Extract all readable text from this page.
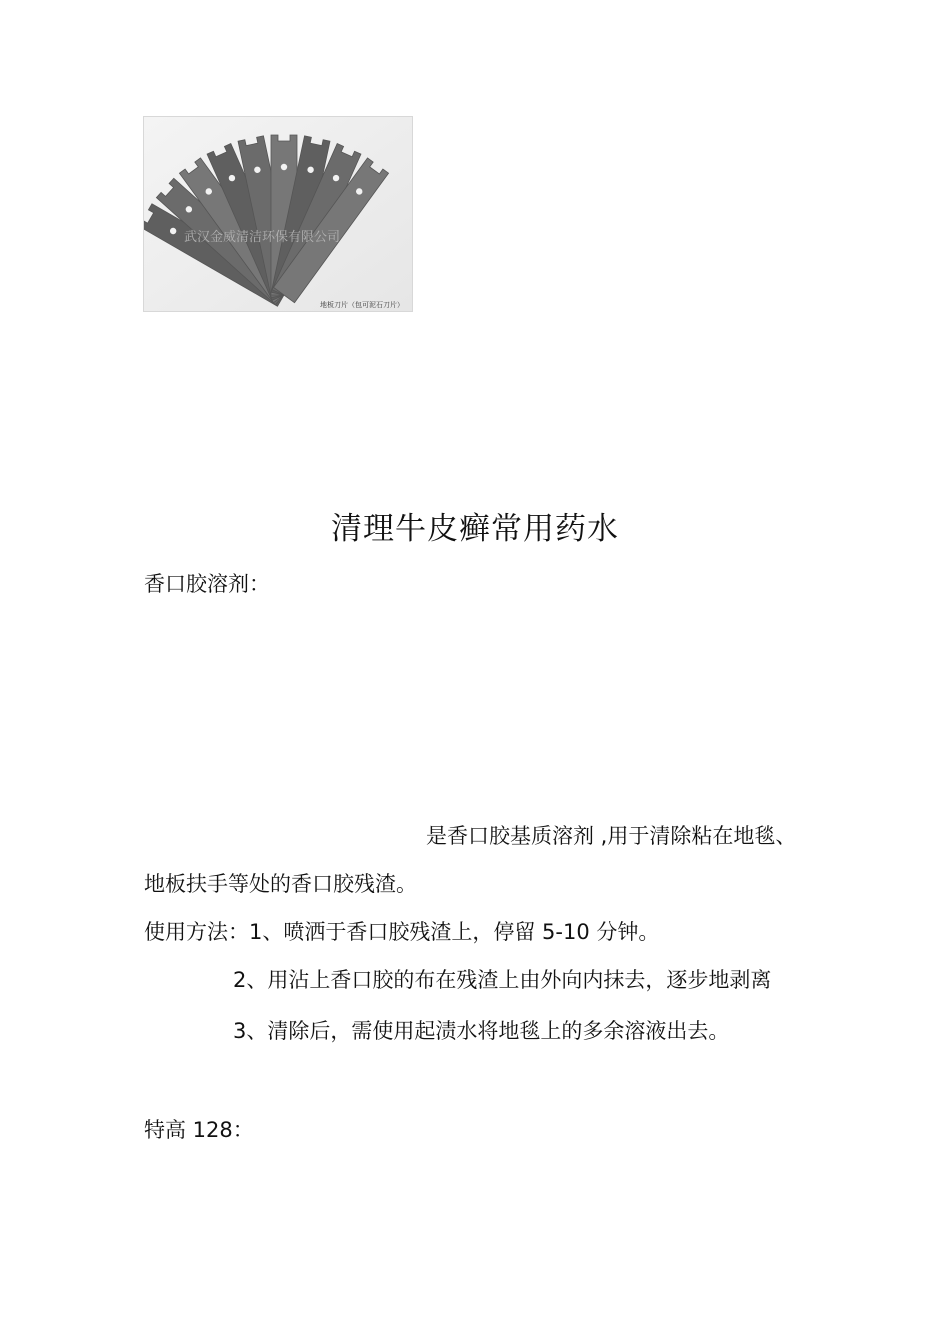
武汉金威清洁环保有限公司
地板刀片（包可泥石刀片）
清理牛皮癣常用药水
香口胶溶剂：
是香口胶基质溶剂 ,用于清除粘在地毯、
地板扶手等处的香口胶残渣。
使用方法：1、喷洒于香口胶残渣上，停留 5-10 分钟。
2、用沾上香口胶的布在残渣上由外向内抹去，逐步地剥离
3、清除后，需使用起渍水将地毯上的多余溶液出去。
特高 128：
